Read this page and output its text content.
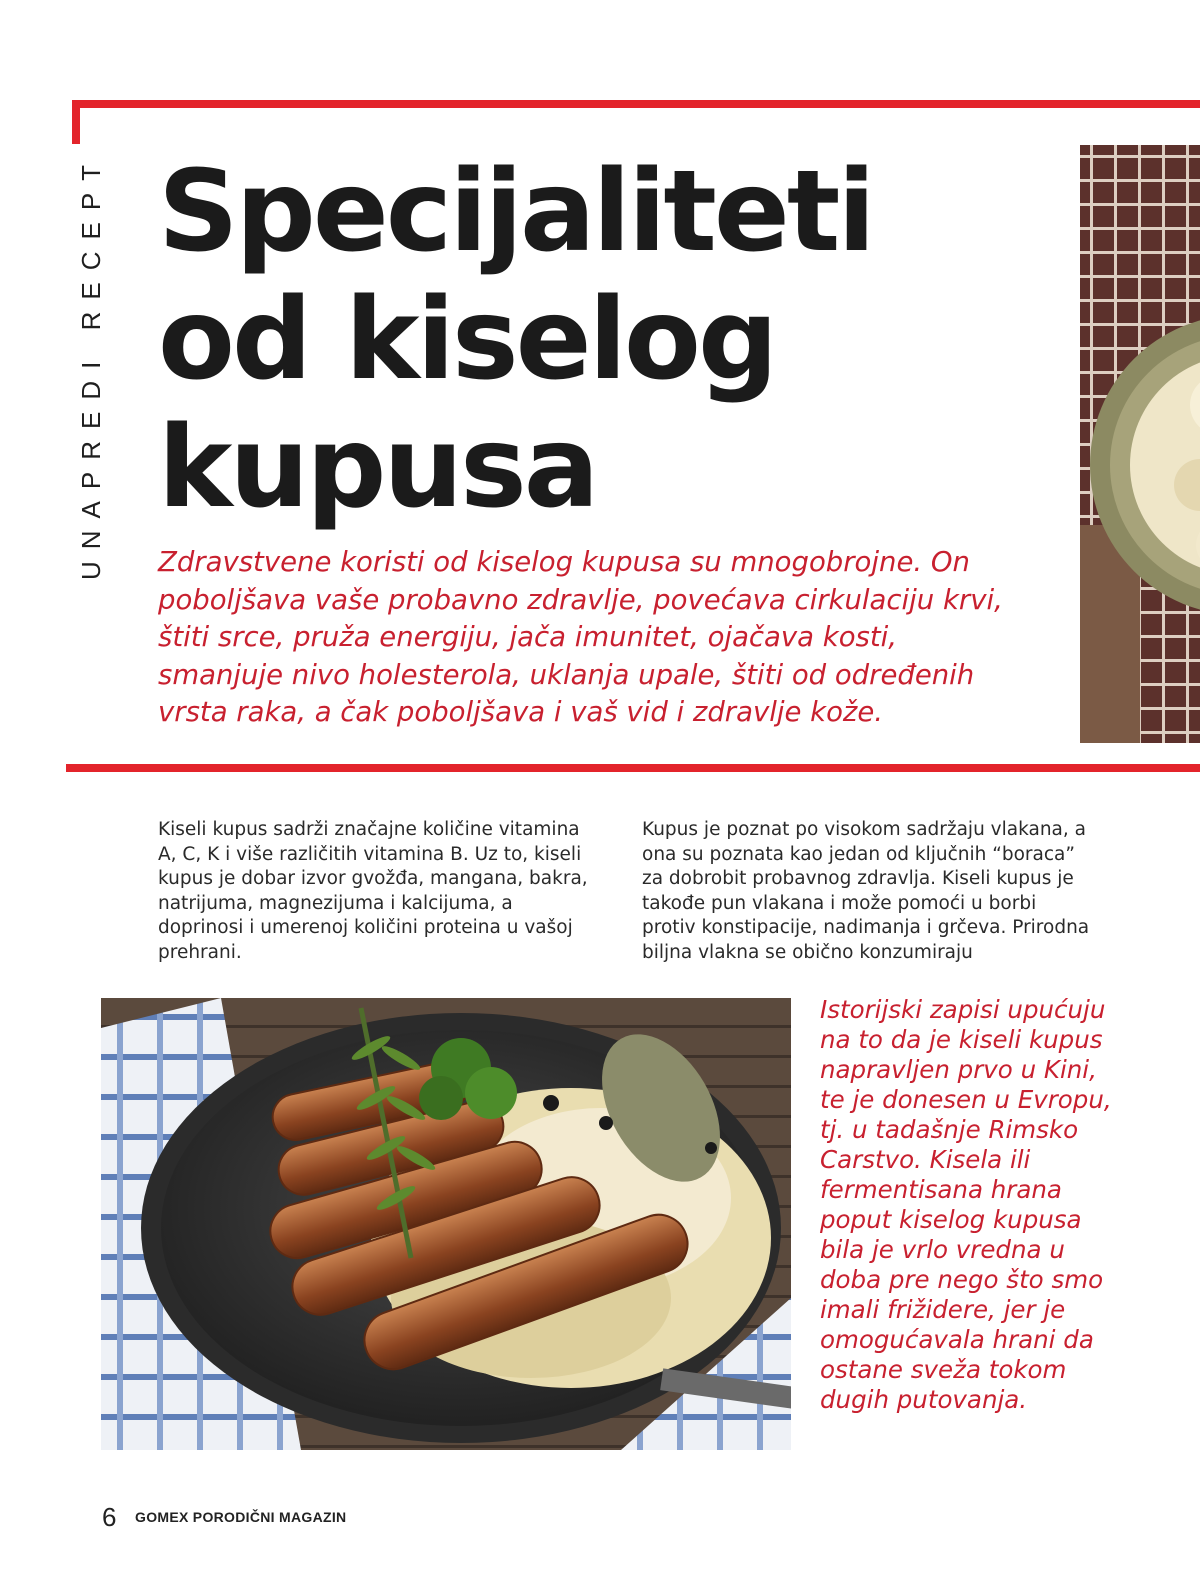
UNAPREDI RECEPT Specijaliteti
od kiselog
kupusa
Zdravstvene koristi od kiselog kupusa su mnogobrojne. On poboljšava vaše probavno zdravlje, povećava cirkulaciju krvi, štiti srce, pruža energiju, jača imunitet, ojačava kosti, smanjuje nivo holesterola, uklanja upale, štiti od određenih vrsta raka, a čak poboljšava i vaš vid i zdravlje kože.
Kiseli kupus sadrži značajne količine vitamina A, C, K i više različitih vitamina B. Uz to, kiseli kupus je dobar izvor gvožđa, mangana, bakra, natrijuma, magnezijuma i kalcijuma, a doprinosi i umerenoj količini proteina u vašoj prehrani.
Kupus je poznat po visokom sadržaju vlakana, a ona su poznata kao jedan od ključnih “boraca” za dobrobit probavnog zdravlja. Kiseli kupus je takođe pun vlakana i može pomoći u borbi protiv konstipacije, nadimanja i grčeva. Prirodna biljna vlakna se obično konzumiraju
Istorijski zapisi upućuju na to da je kiseli kupus napravljen prvo u Kini, te je donesen u Evropu, tj. u tadašnje Rimsko Carstvo. Kisela ili fermentisana hrana poput kiselog kupusa bila je vrlo vredna u doba pre nego što smo imali frižidere, jer je omogućavala hrani da ostane sveža tokom dugih putovanja.
6 GOMEX PORODIČNI MAGAZIN
